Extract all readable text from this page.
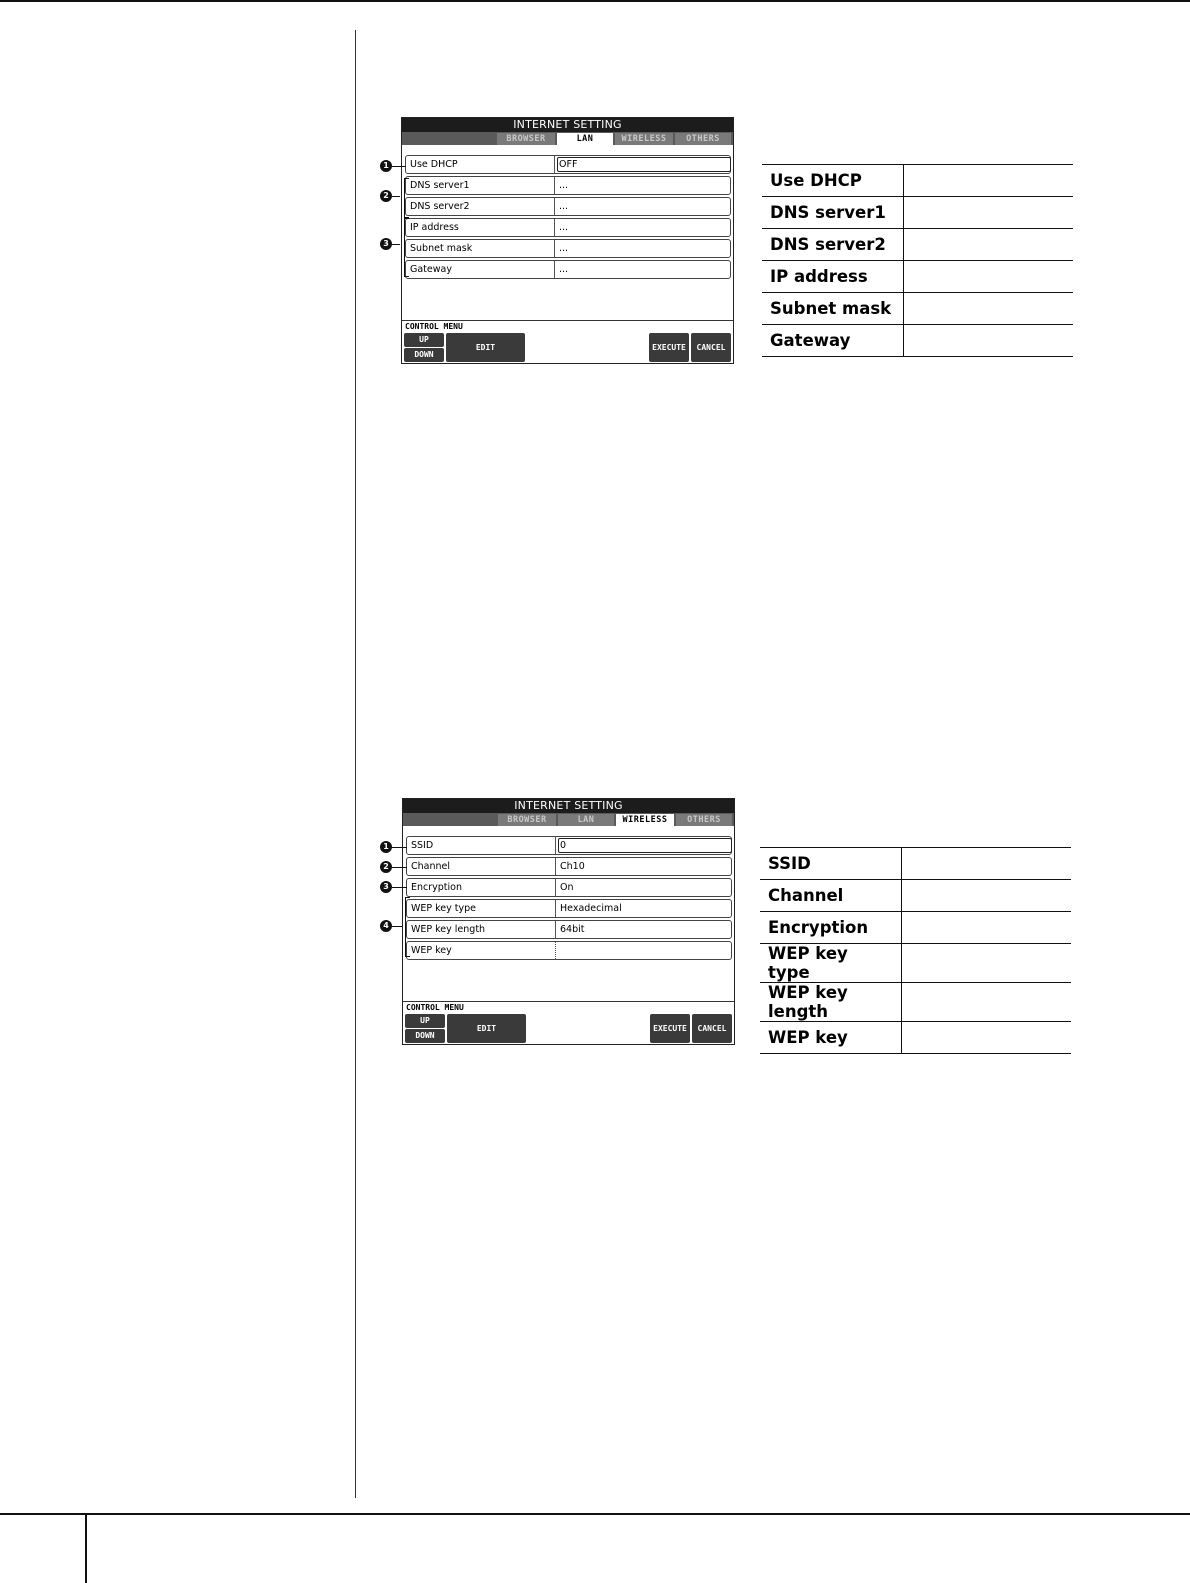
INTERNET SETTING
BROWSER	LAN	WIRELESS	OTHERS
Use DHCP	OFF
DNS server1	...
DNS server2	...
IP address	...
Subnet mask	...
Gateway	...
CONTROL MENU
UP
DOWN
EDIT	EXECUTE	CANCEL
1
2
3
Use DHCP	
DNS server1	
DNS server2	
IP address	
Subnet mask	
Gateway	
INTERNET SETTING
BROWSER	LAN	WIRELESS	OTHERS
SSID	0
Channel	Ch10
Encryption	On
WEP key type	Hexadecimal
WEP key length	64bit
WEP key
CONTROL MENU
UP
DOWN
EDIT	EXECUTE	CANCEL
1
2
3
4
SSID	
Channel	
Encryption	
WEP key type	
WEP key length	
WEP key	
